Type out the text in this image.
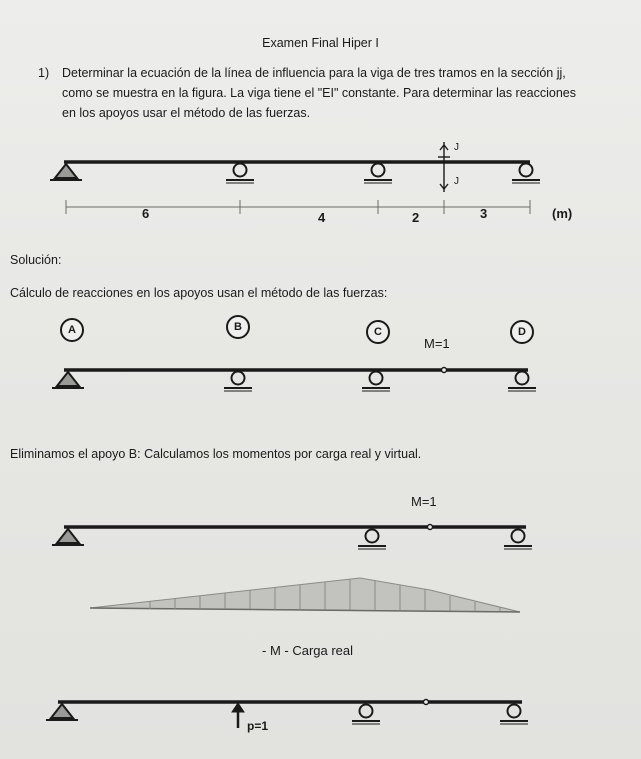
Examen Final Hiper I
1) Determinar la ecuación de la línea de influencia para la viga de tres tramos en la sección jj,
como se muestra en la figura. La viga tiene el "EI" constante. Para determinar las reacciones
en los apoyos usar el método de las fuerzas.
J
J
6	4	2	3	(m)
Solución:
Cálculo de reacciones en los apoyos usan el método de las fuerzas:
A	B	C	D
M=1
Eliminamos el apoyo B: Calculamos los momentos por carga real y virtual.
M=1
- M - Carga real
p=1
